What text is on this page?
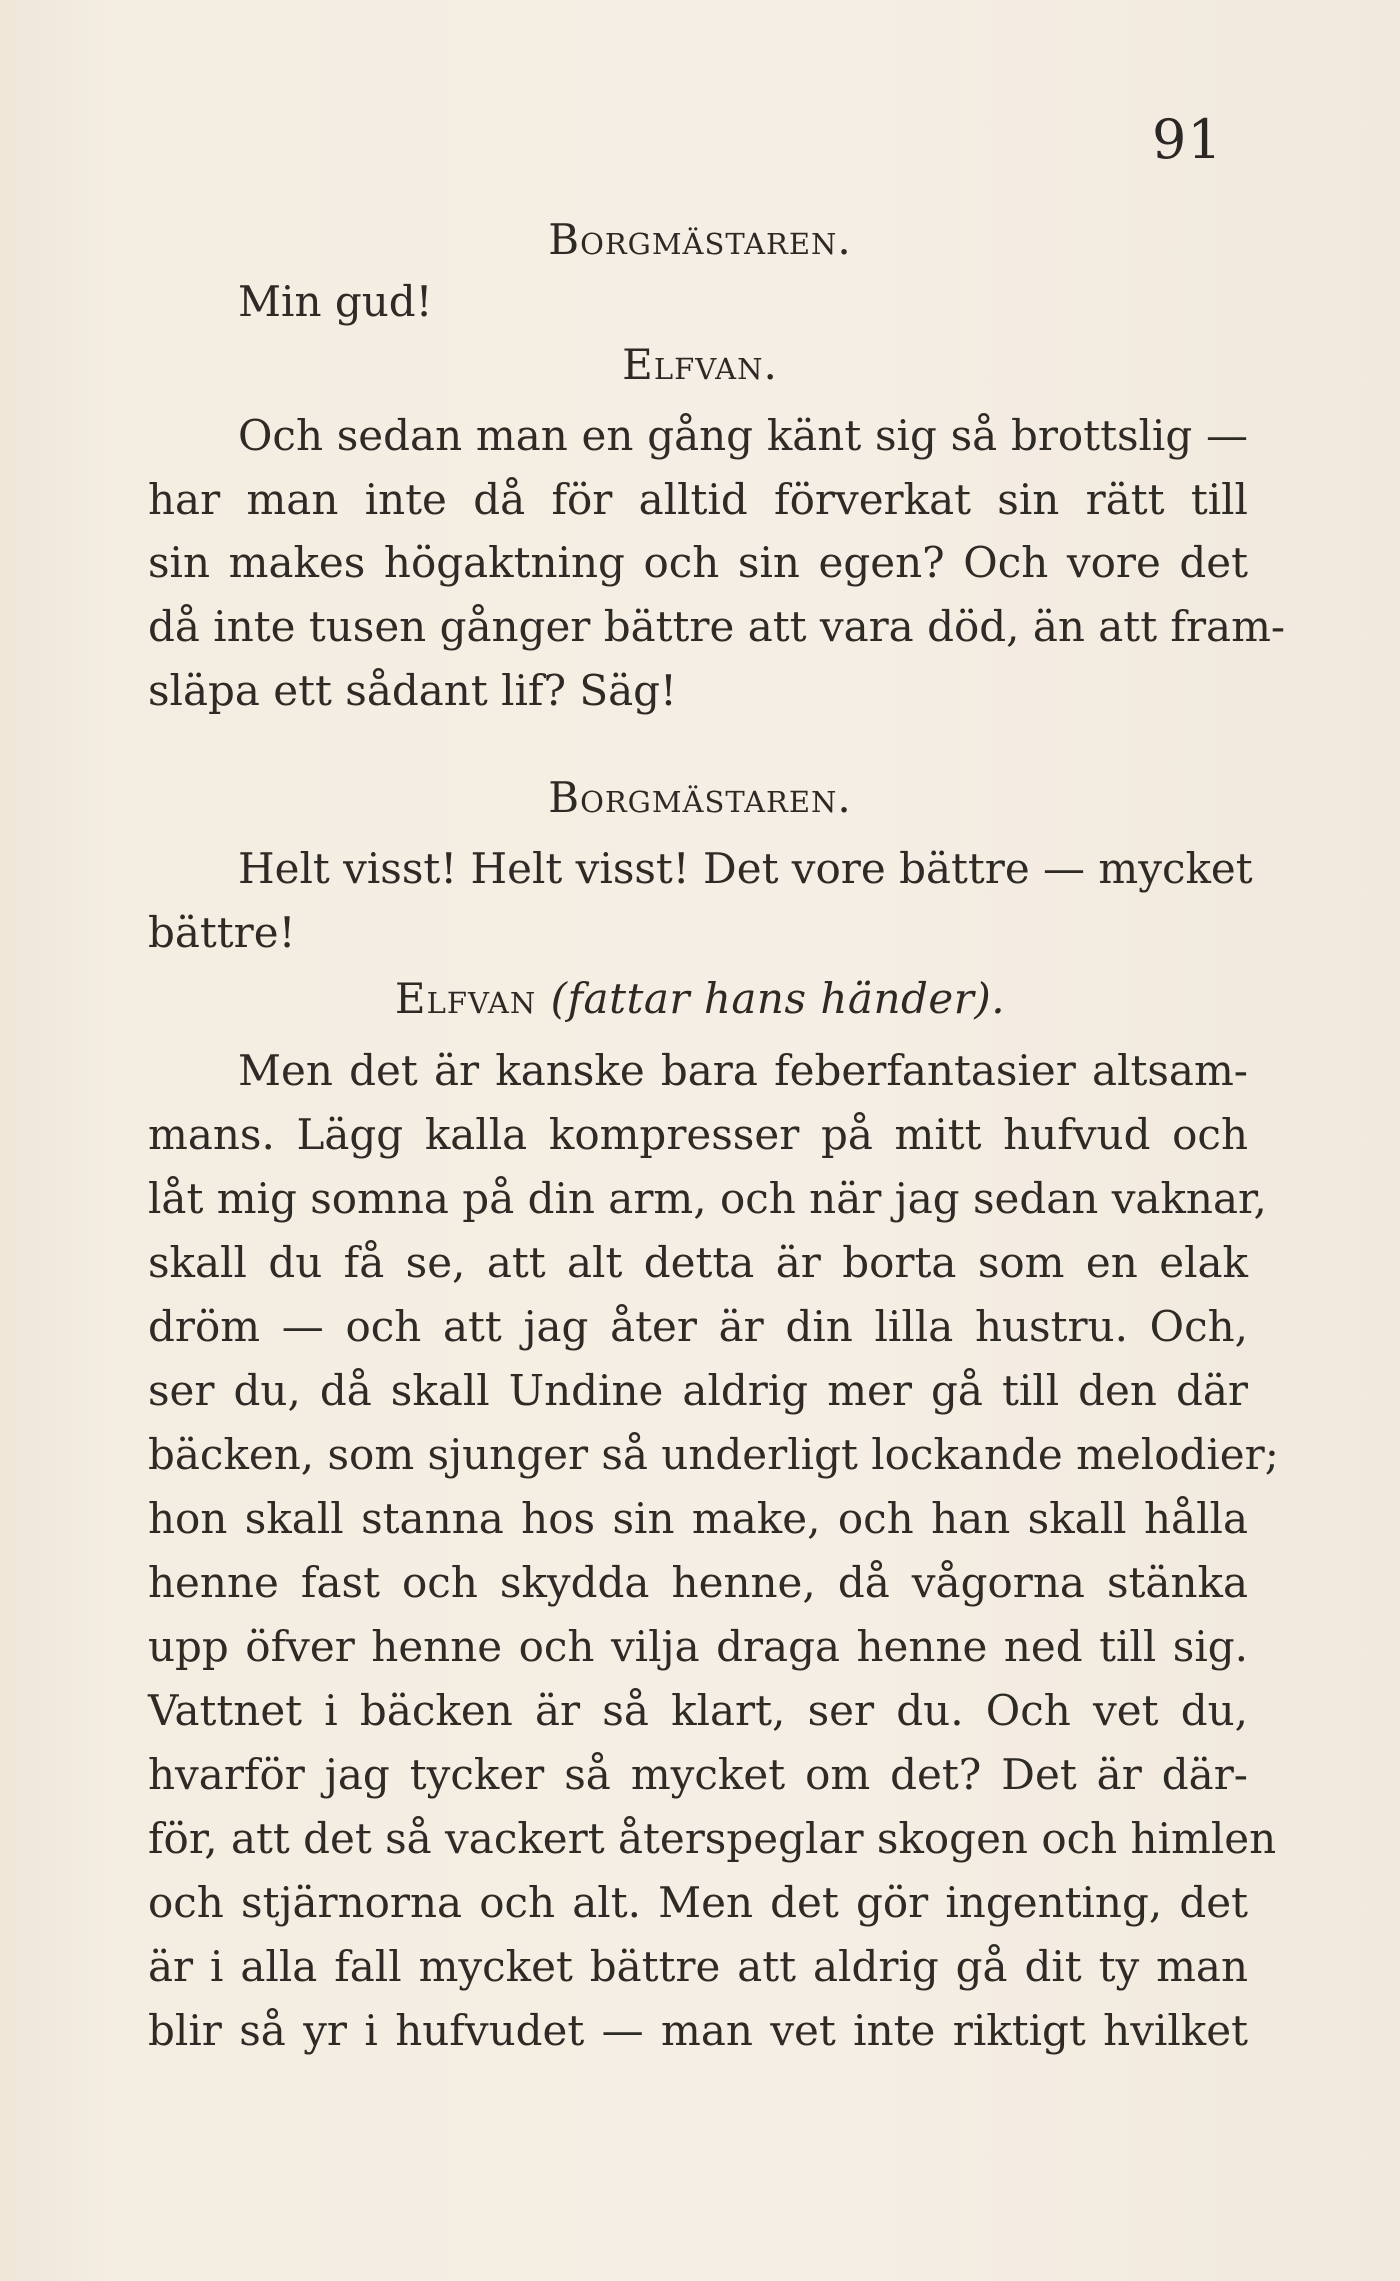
91
Borgmästaren.
Min gud!
Elfvan.
Och sedan man en gång känt sig så brottslig —
har man inte då för alltid förverkat sin rätt till
sin makes högaktning och sin egen? Och vore det
då inte tusen gånger bättre att vara död, än att fram-
släpa ett sådant lif? Säg!
Borgmästaren.
Helt visst! Helt visst! Det vore bättre — mycket
bättre!
Elfvan (fattar hans händer).
Men det är kanske bara feberfantasier altsam-
mans. Lägg kalla kompresser på mitt hufvud och
låt mig somna på din arm, och när jag sedan vaknar,
skall du få se, att alt detta är borta som en elak
dröm — och att jag åter är din lilla hustru. Och,
ser du, då skall Undine aldrig mer gå till den där
bäcken, som sjunger så underligt lockande melodier;
hon skall stanna hos sin make, och han skall hålla
henne fast och skydda henne, då vågorna stänka
upp öfver henne och vilja draga henne ned till sig.
Vattnet i bäcken är så klart, ser du. Och vet du,
hvarför jag tycker så mycket om det? Det är där-
för, att det så vackert återspeglar skogen och himlen
och stjärnorna och alt. Men det gör ingenting, det
är i alla fall mycket bättre att aldrig gå dit ty man
blir så yr i hufvudet — man vet inte riktigt hvilket
